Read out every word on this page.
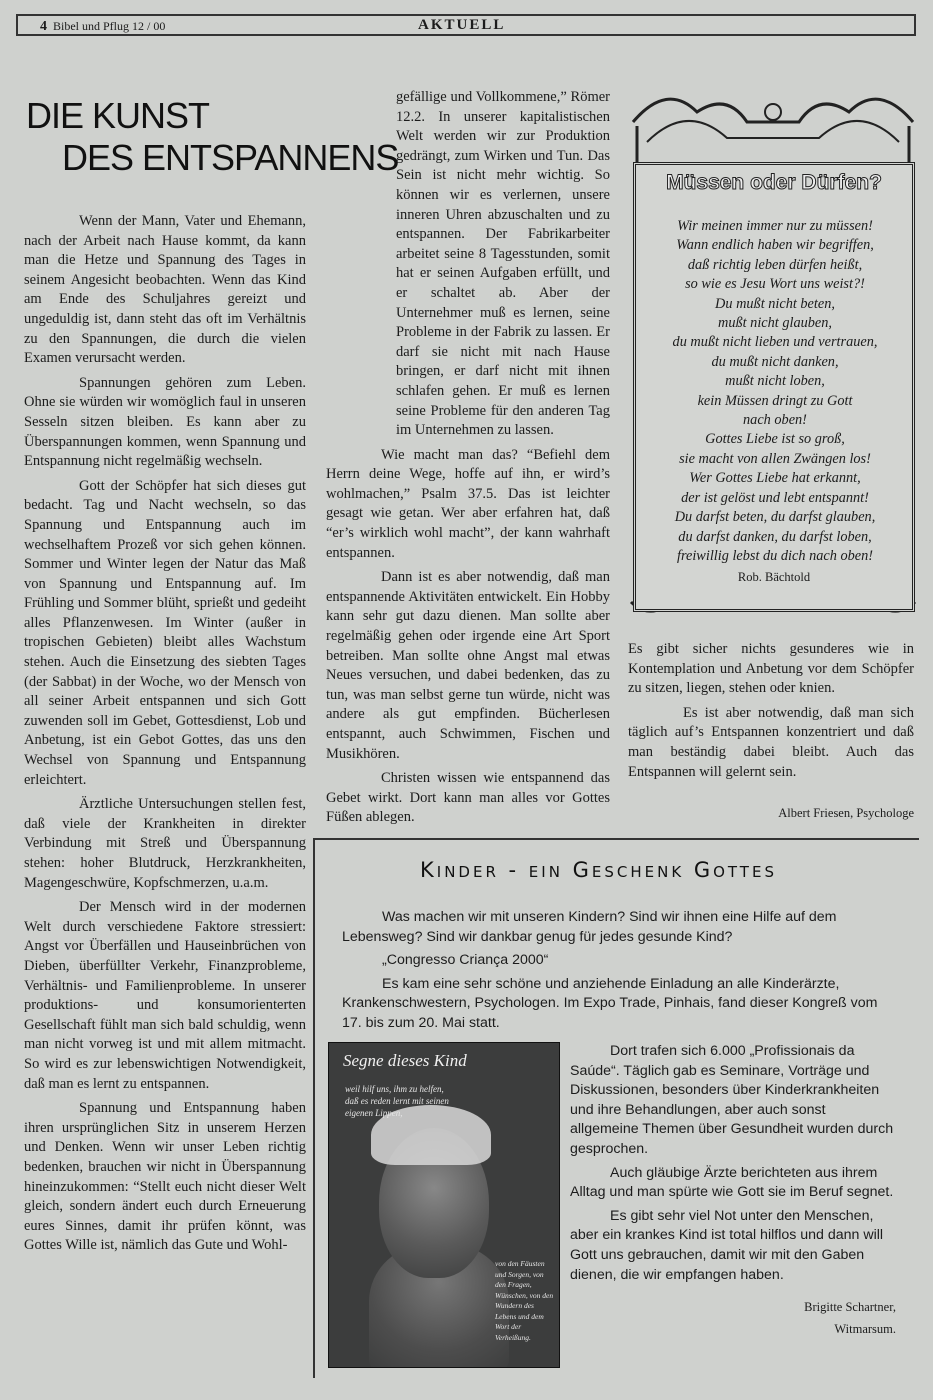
4 Bibel und Pflug 12 / 00	AKTUELL
DIE KUNST
DES ENTSPANNENS

Wenn der Mann, Vater und Ehemann, nach der Arbeit nach Hause kommt, da kann man die Hetze und Spannung des Tages in seinem Angesicht beobachten. Wenn das Kind am Ende des Schuljahres gereizt und ungeduldig ist, dann steht das oft im Verhältnis zu den Spannungen, die durch die vielen Examen verursacht werden.

Spannungen gehören zum Leben. Ohne sie würden wir womöglich faul in unseren Sesseln sitzen bleiben. Es kann aber zu Überspannungen kommen, wenn Spannung und Entspannung nicht regelmäßig wechseln.

Gott der Schöpfer hat sich dieses gut bedacht. Tag und Nacht wechseln, so das Spannung und Entspannung auch im wechselhaftem Prozeß vor sich gehen können. Sommer und Winter legen der Natur das Maß von Spannung und Entspannung auf. Im Frühling und Sommer blüht, sprießt und gedeiht alles Pflanzenwesen. Im Winter (außer in tropischen Gebieten) bleibt alles Wachstum stehen. Auch die Einsetzung des siebten Tages (der Sabbat) in der Woche, wo der Mensch von all seiner Arbeit entspannen und sich Gott zuwenden soll im Gebet, Gottesdienst, Lob und Anbetung, ist ein Gebot Gottes, das uns den Wechsel von Spannung und Entspannung erleichtert.

Ärztliche Untersuchungen stellen fest, daß viele der Krankheiten in direkter Verbindung mit Streß und Überspannung stehen: hoher Blutdruck, Herzkrankheiten, Magengeschwüre, Kopfschmerzen, u.a.m.

Der Mensch wird in der modernen Welt durch verschiedene Faktore stressiert: Angst vor Überfällen und Hauseinbrüchen von Dieben, überfüllter Verkehr, Finanzprobleme, Verhältnis- und Familienprobleme. In unserer produktions- und konsumorienterten Gesellschaft fühlt man sich bald schuldig, wenn man nicht vorweg ist und mit allem mitmacht. So wird es zur lebenswichtigen Notwendigkeit, daß man es lernt zu entspannen.

Spannung und Entspannung haben ihren ursprünglichen Sitz in unserem Herzen und Denken. Wenn wir unser Leben richtig bedenken, brauchen wir nicht in Überspannung hineinzukommen: “Stellt euch nicht dieser Welt gleich, sondern ändert euch durch Erneuerung eures Sinnes, damit ihr prüfen könnt, was Gottes Wille ist, nämlich das Gute und Wohl-

gefällige und Vollkommene,” Römer 12.2. In unserer kapitalistischen Welt werden wir zur Produktion gedrängt, zum Wirken und Tun. Das Sein ist nicht mehr wichtig. So können wir es verlernen, unsere inneren Uhren abzuschalten und zu entspannen. Der Fabrikarbeiter arbeitet seine 8 Tagesstunden, somit hat er seinen Aufgaben erfüllt, und er schaltet ab. Aber der Unternehmer muß es lernen, seine Probleme in der Fabrik zu lassen. Er darf sie nicht mit nach Hause bringen, er darf nicht mit ihnen schlafen gehen. Er muß es lernen seine Probleme für den anderen Tag im Unternehmen zu lassen.

Wie macht man das? “Befiehl dem Herrn deine Wege, hoffe auf ihn, er wird’s wohlmachen,” Psalm 37.5. Das ist leichter gesagt wie getan. Wer aber erfahren hat, daß “er’s wirklich wohl macht”, der kann wahrhaft entspannen.

Dann ist es aber notwendig, daß man entspannende Aktivitäten entwickelt. Ein Hobby kann sehr gut dazu dienen. Man sollte aber regelmäßig gehen oder irgende eine Art Sport betreiben. Man sollte ohne Angst mal etwas Neues versuchen, und dabei bedenken, das zu tun, was man selbst gerne tun würde, nicht was andere als gut empfinden. Bücherlesen entspannt, auch Schwimmen, Fischen und Musikhören.

Christen wissen wie entspannend das Gebet wirkt. Dort kann man alles vor Gottes Füßen ablegen.

Müssen oder Dürfen?
Wir meinen immer nur zu müssen!
Wann endlich haben wir begriffen,
daß richtig leben dürfen heißt,
so wie es Jesu Wort uns weist?!
Du mußt nicht beten,
mußt nicht glauben,
du mußt nicht lieben und vertrauen,
du mußt nicht danken,
mußt nicht loben,
kein Müssen dringt zu Gott
nach oben!
Gottes Liebe ist so groß,
sie macht von allen Zwängen los!
Wer Gottes Liebe hat erkannt,
der ist gelöst und lebt entspannt!
Du darfst beten, du darfst glauben,
du darfst danken, du darfst loben,
freiwillig lebst du dich nach oben!
Rob. Bächtold

Es gibt sicher nichts gesunderes wie in Kontemplation und Anbetung vor dem Schöpfer zu sitzen, liegen, stehen oder knien.

Es ist aber notwendig, daß man sich täglich auf’s Entspannen konzentriert und daß man beständig dabei bleibt. Auch das Entspannen will gelernt sein.

Albert Friesen, Psychologe
Kinder - ein Geschenk Gottes

Was machen wir mit unseren Kindern? Sind wir ihnen eine Hilfe auf dem Lebensweg? Sind wir dankbar genug für jedes gesunde Kind?

„Congresso Criança 2000“

Es kam eine sehr schöne und anziehende Einladung an alle Kinderärzte, Krankenschwestern, Psychologen. Im Expo Trade, Pinhais, fand dieser Kongreß vom 17. bis zum 20. Mai statt.

Segne dieses Kind
weil hilf uns, ihm zu helfen, daß es reden lernt mit seinen eigenen Lippen,
von den Fäusten und Sorgen, von den Fragen, Wünschen, von den Wundern des Lebens und dem Wort der Verheißung.

Dort trafen sich 6.000 „Profissionais da Saúde“. Täglich gab es Seminare, Vorträge und Diskussionen, besonders über Kinderkrankheiten und ihre Behandlungen, aber auch sonst allgemeine Themen über Gesundheit wurden durch gesprochen.

Auch gläubige Ärzte berichteten aus ihrem Alltag und man spürte wie Gott sie im Beruf segnet.

Es gibt sehr viel Not unter den Menschen, aber ein krankes Kind ist total hilflos und dann will Gott uns gebrauchen, damit wir mit den Gaben dienen, die wir empfangen haben.

Brigitte Schartner,
Witmarsum.
